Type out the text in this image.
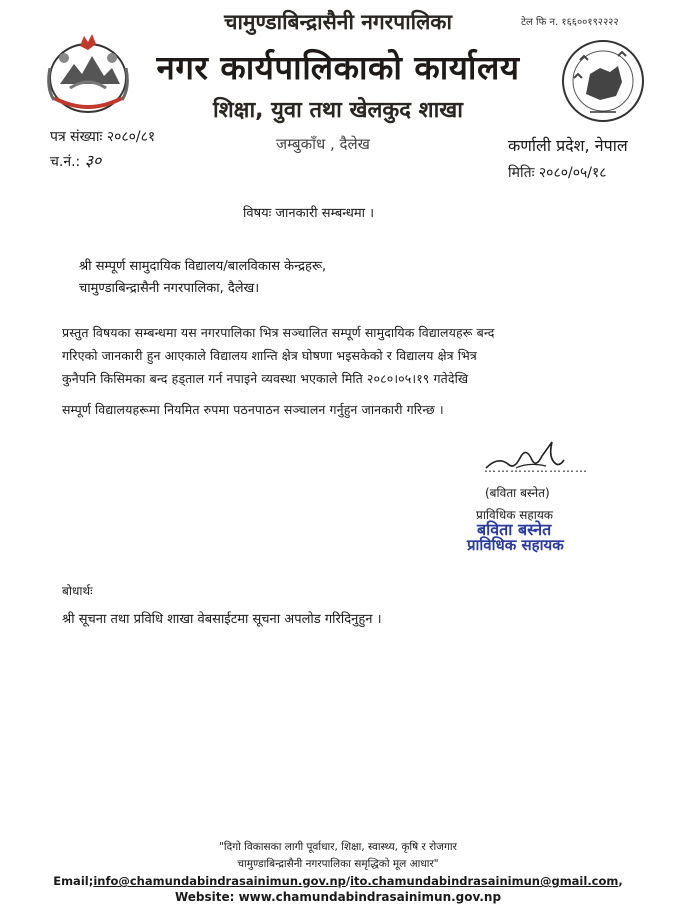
चामुण्डाबिन्द्रासैनी नगरपालिका	टेल फि न. १६६००१९२२२२
नगर कार्यपालिकाको कार्यालय
शिक्षा, युवा तथा खेलकुद शाखा
पत्र संख्याः २०८०/८१
च.नं.: ३०
जम्बुकाँध , दैलेख	कर्णाली प्रदेश, नेपाल
मितिः २०८०/०५/१८
विषयः जानकारी सम्बन्धमा ।
श्री सम्पूर्ण सामुदायिक विद्यालय/बालविकास केन्द्रहरू,
चामुण्डाबिन्द्रासैनी नगरपालिका, दैलेख।
प्रस्तुत विषयका सम्बन्धमा यस नगरपालिका भित्र सञ्चालित सम्पूर्ण सामुदायिक विद्यालयहरू बन्द
गरिएको जानकारी हुन आएकाले विद्यालय शान्ति क्षेत्र घोषणा भइसकेको र विद्यालय क्षेत्र भित्र
कुनैपनि किसिमका बन्द हड्ताल गर्न नपाइने व्यवस्था भएकाले मिति २०८०।०५।१९ गतेदेखि
सम्पूर्ण विद्यालयहरूमा नियमित रुपमा पठनपाठन सञ्चालन गर्नुहुन जानकारी गरिन्छ ।
……………………
(बविता बस्नेत)
प्राविधिक सहायक
बविता बस्नेत
प्राविधिक सहायक
बोधार्थः
श्री सूचना तथा प्रविधि शाखा वेबसाईटमा सूचना अपलोड गरिदिनुहुन ।
"दिगो विकासका लागी पूर्वाधार, शिक्षा, स्वास्थ्य, कृषि र रोजगार
चामुण्डाबिन्द्रासैनी नगरपालिका समृद्धिको मूल आधार"
Email;info@chamundabindrasainimun.gov.np/ito.chamundabindrasainimun@gmail.com,
Website: www.chamundabindrasainimun.gov.np
